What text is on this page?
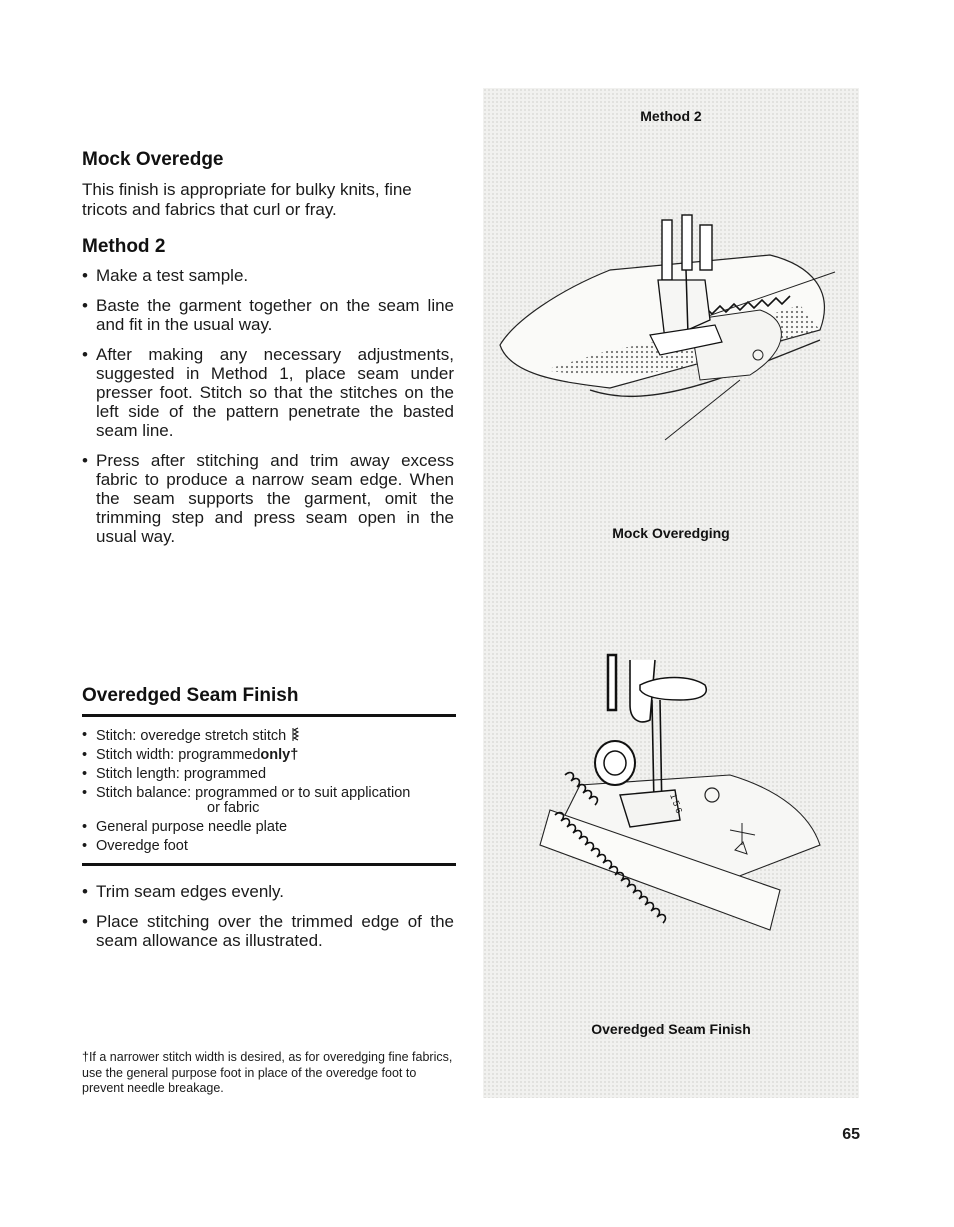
Mock Overedge
This finish is appropriate for bulky knits, fine tricots and fabrics that curl or fray.
Method 2
• Make a test sample.
• Baste the garment together on the seam line and fit in the usual way.
• After making any necessary adjustments, suggested in Method 1, place seam under presser foot. Stitch so that the stitches on the left side of the pattern penetrate the basted seam line.
• Press after stitching and trim away excess fabric to produce a narrow seam edge. When the seam supports the garment, omit the trimming step and press seam open in the usual way.
Overedged Seam Finish
• Stitch: overedge stretch stitch
• Stitch width: programmedonly†
• Stitch length: programmed
• Stitch balance: programmed or to suit application
or fabric
• General purpose needle plate
• Overedge foot
• Trim seam edges evenly.
• Place stitching over the trimmed edge of the seam allowance as illustrated.
†If a narrower stitch width is desired, as for overedging fine fabrics, use the general purpose foot in place of the overedge foot to prevent needle breakage.
Method 2
Mock Overedging
1 5 6
Overedged Seam Finish
65
